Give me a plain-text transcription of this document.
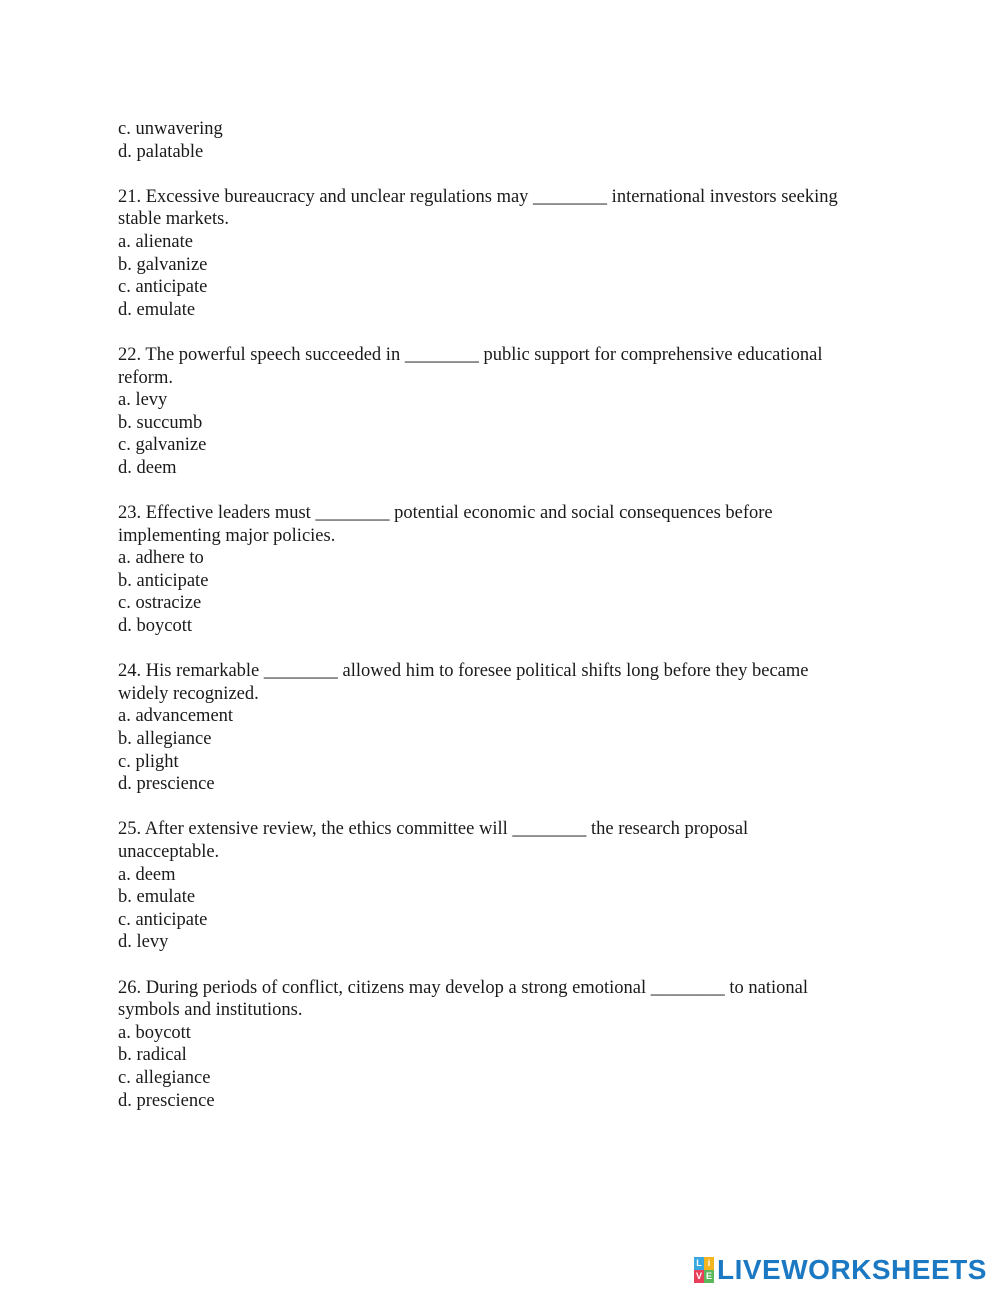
c. unwavering
d. palatable
21. Excessive bureaucracy and unclear regulations may ________ international investors seeking
stable markets.
a. alienate
b. galvanize
c. anticipate
d. emulate
22. The powerful speech succeeded in ________ public support for comprehensive educational
reform.
a. levy
b. succumb
c. galvanize
d. deem
23. Effective leaders must ________ potential economic and social consequences before
implementing major policies.
a. adhere to
b. anticipate
c. ostracize
d. boycott
24. His remarkable ________ allowed him to foresee political shifts long before they became
widely recognized.
a. advancement
b. allegiance
c. plight
d. prescience
25. After extensive review, the ethics committee will ________ the research proposal
unacceptable.
a. deem
b. emulate
c. anticipate
d. levy
26. During periods of conflict, citizens may develop a strong emotional ________ to national
symbols and institutions.
a. boycott
b. radical
c. allegiance
d. prescience
L i
V E LIVEWORKSHEETS
